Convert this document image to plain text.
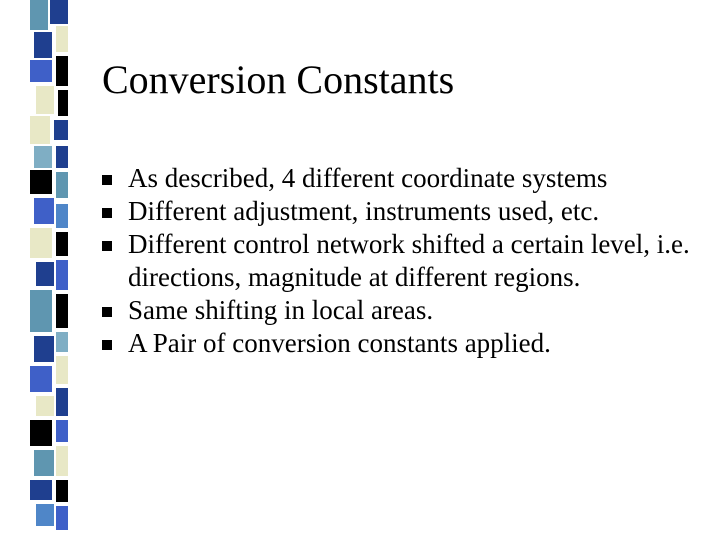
Conversion Constants
As described, 4 different coordinate systems
Different adjustment, instruments used, etc.
Different control network shifted a certain level, i.e. directions, magnitude at different regions.
Same shifting in local areas.
A Pair of conversion constants applied.
